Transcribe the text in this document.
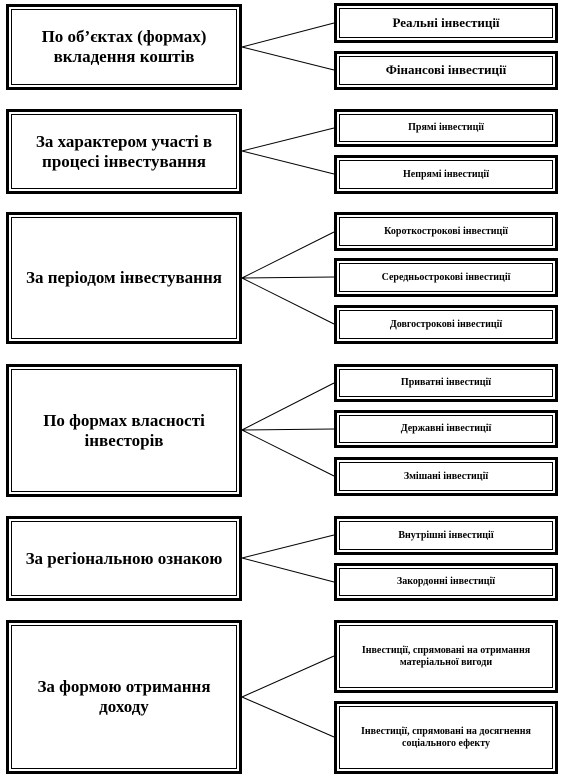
По об’єктах (формах) вкладення коштів
Реальні інвестиції
Фінансові інвестиції
За характером участі в процесі інвестування
Прямі інвестиції
Непрямі інвестиції
За періодом інвестування
Короткострокові інвестиції
Середньострокові інвестиції
Довгострокові інвестиції
По формах власності інвесторів
Приватні інвестиції
Державні інвестиції
Змішані інвестиції
За регіональною ознакою
Внутрішні інвестиції
Закордонні інвестиції
За формою отримання доходу
Інвестиції, спрямовані на отримання матеріальної вигоди
Інвестиції, спрямовані на досягнення соціального ефекту
